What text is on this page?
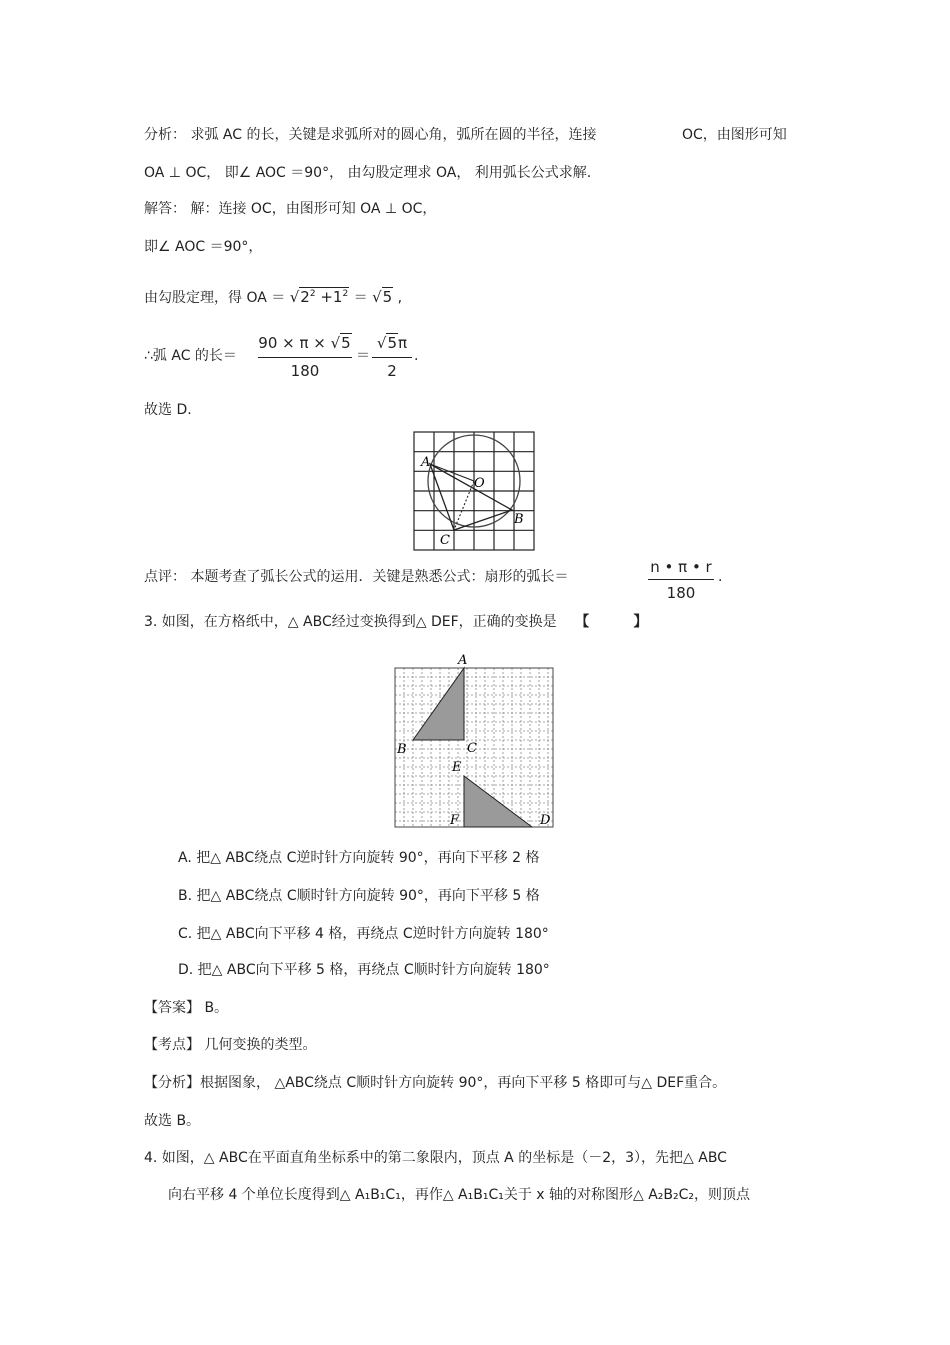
分析： 求弧 AC 的长，关键是求弧所对的圆心角，弧所在圆的半径，连接	OC，由图形可知
OA ⊥ OC， 即∠ AOC ＝90°， 由勾股定理求 OA， 利用弧长公式求解.
解答： 解：连接 OC，由图形可知 OA ⊥ OC，
即∠ AOC ＝90°，
由勾股定理，得 OA ＝ $√2^2 +1^2 = √5$ ,
∴弧 AC 的长＝
90 × π × √5
180
＝
√5π
2
.
故选 D.
A
O
B
C
点评： 本题考查了弧长公式的运用．关键是熟悉公式：扇形的弧长＝
n • π • r
180
.
3. 如图，在方格纸中，△ ABC经过变换得到△ DEF，正确的变换是 【	】
A
B	C
E
F	D
A. 把△ ABC绕点 C逆时针方向旋转 90°，再向下平移 2 格
B. 把△ ABC绕点 C顺时针方向旋转 90°，再向下平移 5 格
C. 把△ ABC向下平移 4 格，再绕点 C逆时针方向旋转 180°
D. 把△ ABC向下平移 5 格，再绕点 C顺时针方向旋转 180°
【答案】 B。
【考点】 几何变换的类型。
【分析】根据图象， △ABC绕点 C顺时针方向旋转 90°，再向下平移 5 格即可与△ DEF重合。
故选 B。
4. 如图，△ ABC在平面直角坐标系中的第二象限内，顶点 A 的坐标是（－2，3），先把△ ABC
向右平移 4 个单位长度得到△ A₁B₁C₁，再作△ A₁B₁C₁关于 x 轴的对称图形△ A₂B₂C₂，则顶点
